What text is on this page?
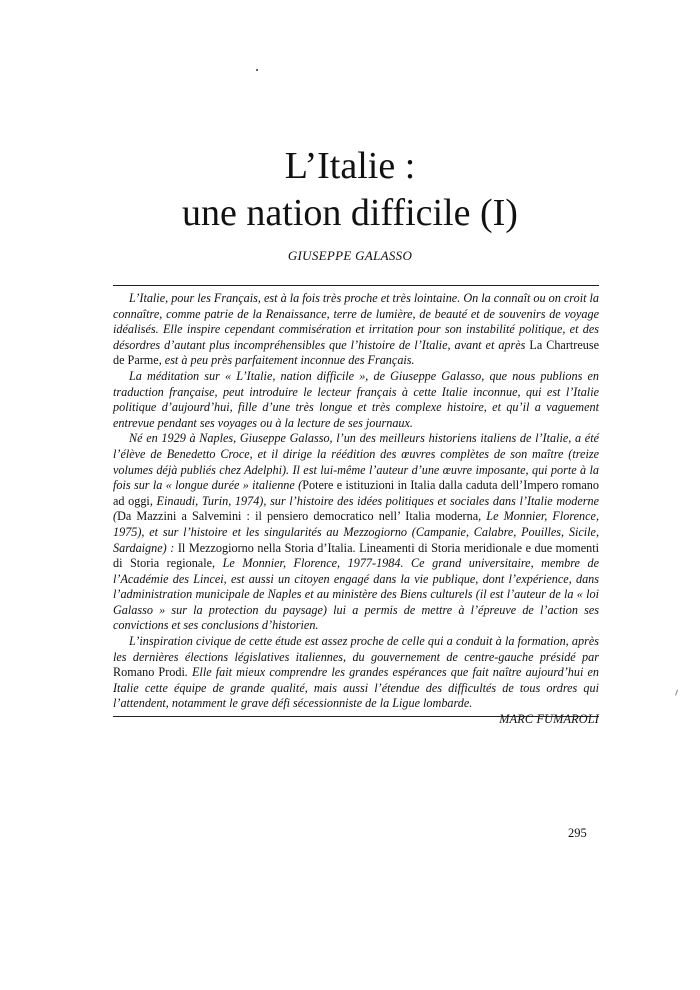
L’Italie :
une nation difficile (I)
GIUSEPPE GALASSO

L’Italie, pour les Français, est à la fois très proche et très lointaine. On la connaît ou on croit la connaître, comme patrie de la Renaissance, terre de lumière, de beauté et de souvenirs de voyage idéalisés. Elle inspire cependant commisération et irritation pour son instabilité politique, et des désordres d’autant plus incompréhensibles que l’histoire de l’Italie, avant et après La Chartreuse de Parme, est à peu près parfaitement inconnue des Français.

La méditation sur « L’Italie, nation difficile », de Giuseppe Galasso, que nous publions en traduction française, peut introduire le lecteur français à cette Italie inconnue, qui est l’Italie politique d’aujourd’hui, fille d’une très longue et très complexe histoire, et qu’il a vaguement entrevue pendant ses voyages ou à la lecture de ses journaux.

Né en 1929 à Naples, Giuseppe Galasso, l’un des meilleurs historiens italiens de l’Italie, a été l’élève de Benedetto Croce, et il dirige la réédition des œuvres complètes de son maître (treize volumes déjà publiés chez Adelphi). Il est lui-même l’auteur d’une œuvre imposante, qui porte à la fois sur la « longue durée » italienne (Potere e istituzioni in Italia dalla caduta dell’Impero romano ad oggi, Einaudi, Turin, 1974), sur l’histoire des idées politiques et sociales dans l’Italie moderne (Da Mazzini a Salvemini : il pensiero democratico nell’ Italia moderna, Le Monnier, Florence, 1975), et sur l’histoire et les singularités au Mezzogiorno (Campanie, Calabre, Pouilles, Sicile, Sardaigne) : Il Mezzogiorno nella Storia d’Italia. Lineamenti di Storia meridionale e due momenti di Storia regionale, Le Monnier, Florence, 1977-1984. Ce grand universitaire, membre de l’Académie des Lincei, est aussi un citoyen engagé dans la vie publique, dont l’expérience, dans l’administration municipale de Naples et au ministère des Biens culturels (il est l’auteur de la « loi Galasso » sur la protection du paysage) lui a permis de mettre à l’épreuve de l’action ses convictions et ses conclusions d’historien.

L’inspiration civique de cette étude est assez proche de celle qui a conduit à la formation, après les dernières élections législatives italiennes, du gouvernement de centre-gauche présidé par Romano Prodi. Elle fait mieux comprendre les grandes espérances que fait naître aujourd’hui en Italie cette équipe de grande qualité, mais aussi l’étendue des difficultés de tous ordres qui l’attendent, notamment le grave défi sécessionniste de la Ligue lombarde.

MARC FUMAROLI

295
